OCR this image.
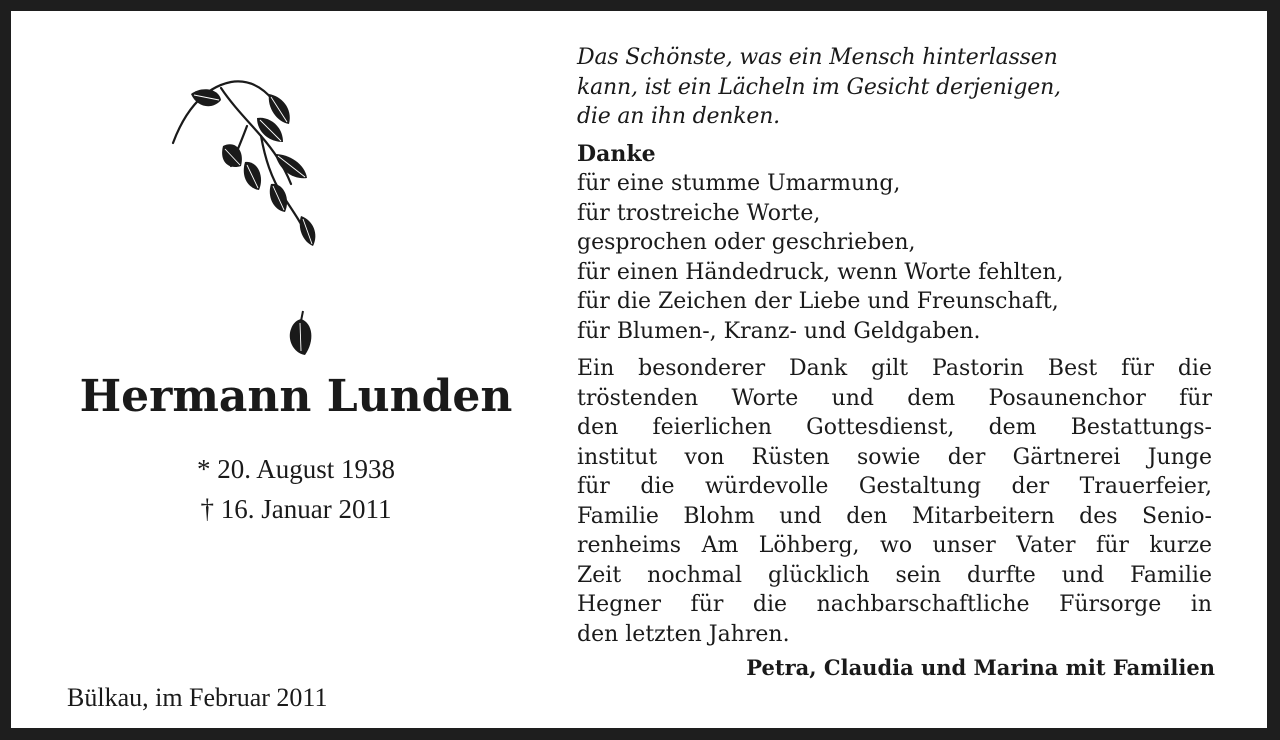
Hermann Lunden
* 20. August 1938
† 16. Januar 2011
Bülkau, im Februar 2011
Das Schönste, was ein Mensch hinterlassen
kann, ist ein Lächeln im Gesicht derjenigen,
die an ihn denken.
Danke
für eine stumme Umarmung,
für trostreiche Worte,
gesprochen oder geschrieben,
für einen Händedruck, wenn Worte fehlten,
für die Zeichen der Liebe und Freunschaft,
für Blumen-, Kranz- und Geldgaben.
Ein besonderer Dank gilt Pastorin Best für die
tröstenden Worte und dem Posaunenchor für
den feierlichen Gottesdienst, dem Bestattungs-
institut von Rüsten sowie der Gärtnerei Junge
für die würdevolle Gestaltung der Trauerfeier,
Familie Blohm und den Mitarbeitern des Senio-
renheims Am Löhberg, wo unser Vater für kurze
Zeit nochmal glücklich sein durfte und Familie
Hegner für die nachbarschaftliche Fürsorge in
den letzten Jahren.
Petra, Claudia und Marina mit Familien
